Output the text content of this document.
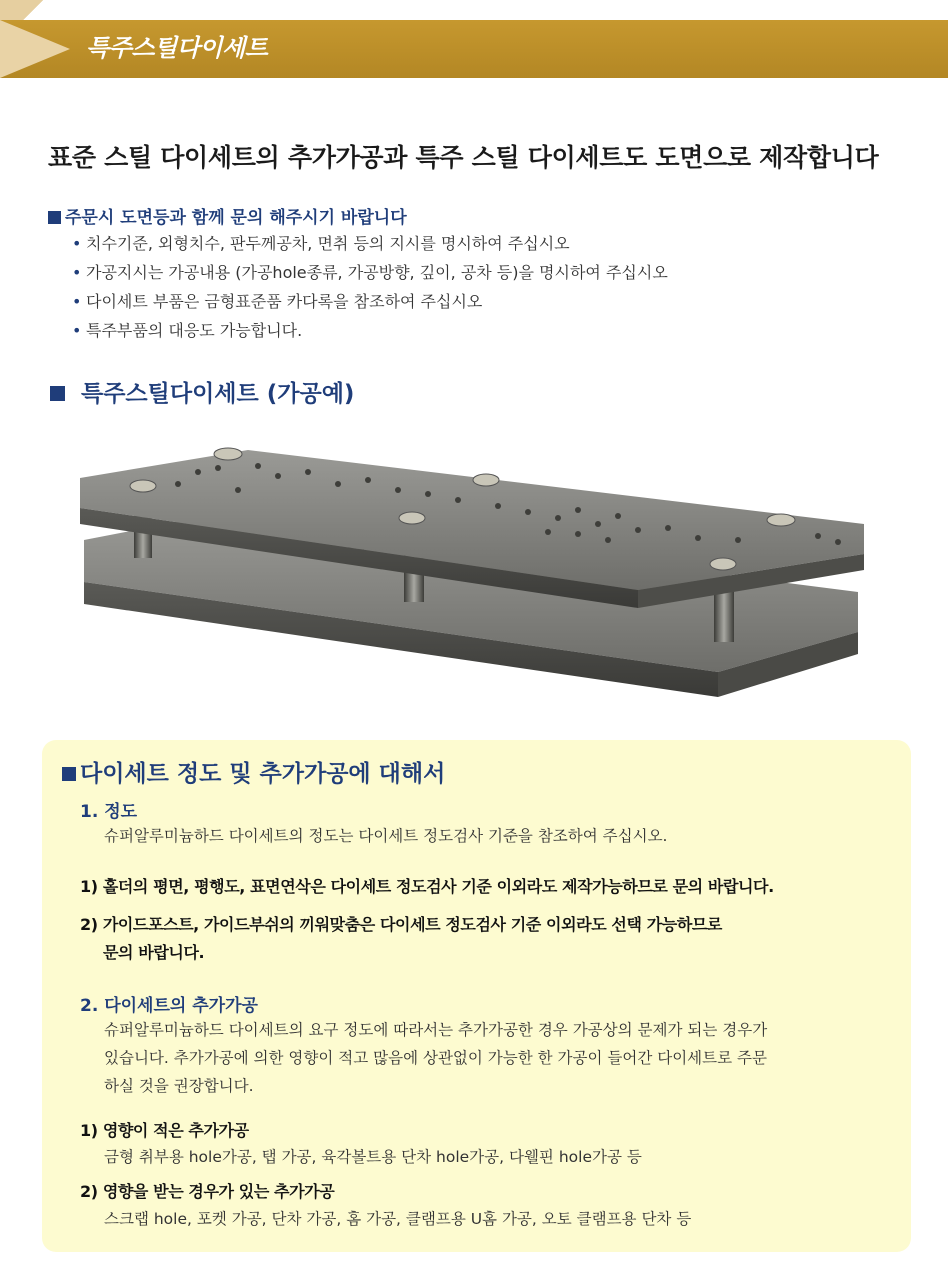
특주스틸다이세트
표준 스틸 다이세트의 추가가공과 특주 스틸 다이세트도 도면으로 제작합니다
주문시 도면등과 함께 문의 해주시기 바랍니다
• 치수기준, 외형치수, 판두께공차, 면취 등의 지시를 명시하여 주십시오
• 가공지시는 가공내용 (가공hole종류, 가공방향, 깊이, 공차 등)을 명시하여 주십시오
• 다이세트 부품은 금형표준품 카다록을 참조하여 주십시오
• 특주부품의 대응도 가능합니다.
특주스틸다이세트 (가공예)
다이세트 정도 및 추가가공에 대해서
1. 정도
슈퍼알루미늄하드 다이세트의 정도는 다이세트 정도검사 기준을 참조하여 주십시오.
1) 홀더의 평면, 평행도, 표면연삭은 다이세트 정도검사 기준 이외라도 제작가능하므로 문의 바랍니다.
2) 가이드포스트, 가이드부쉬의 끼워맞춤은 다이세트 정도검사 기준 이외라도 선택 가능하므로
문의 바랍니다.
2. 다이세트의 추가가공
슈퍼알루미늄하드 다이세트의 요구 정도에 따라서는 추가가공한 경우 가공상의 문제가 되는 경우가
있습니다. 추가가공에 의한 영향이 적고 많음에 상관없이 가능한 한 가공이 들어간 다이세트로 주문
하실 것을 권장합니다.
1) 영향이 적은 추가가공
금형 취부용 hole가공, 탭 가공, 육각볼트용 단차 hole가공, 다웰핀 hole가공 등
2) 영향을 받는 경우가 있는 추가가공
스크랩 hole, 포켓 가공, 단차 가공, 홈 가공, 클램프용 U홈 가공, 오토 클램프용 단차 등
